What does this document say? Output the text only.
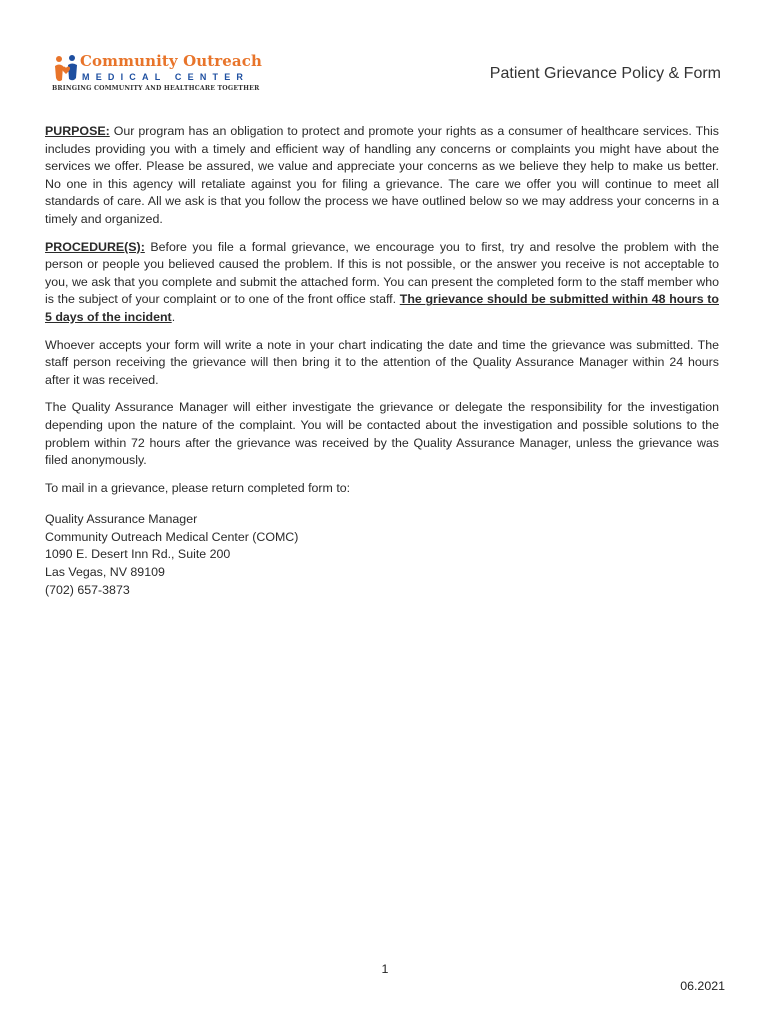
Community Outreach
MEDICAL CENTER
BRINGING COMMUNITY AND HEALTHCARE TOGETHER
Patient Grievance Policy & Form

PURPOSE: Our program has an obligation to protect and promote your rights as a consumer of healthcare services. This includes providing you with a timely and efficient way of handling any concerns or complaints you might have about the services we offer. Please be assured, we value and appreciate your concerns as we believe they help to make us better. No one in this agency will retaliate against you for filing a grievance. The care we offer you will continue to meet all standards of care. All we ask is that you follow the process we have outlined below so we may address your concerns in a timely and organized.

PROCEDURE(S): Before you file a formal grievance, we encourage you to first, try and resolve the problem with the person or people you believed caused the problem. If this is not possible, or the answer you receive is not acceptable to you, we ask that you complete and submit the attached form. You can present the completed form to the staff member who is the subject of your complaint or to one of the front office staff. The grievance should be submitted within 48 hours to 5 days of the incident.

Whoever accepts your form will write a note in your chart indicating the date and time the grievance was submitted. The staff person receiving the grievance will then bring it to the attention of the Quality Assurance Manager within 24 hours after it was received.

The Quality Assurance Manager will either investigate the grievance or delegate the responsibility for the investigation depending upon the nature of the complaint. You will be contacted about the investigation and possible solutions to the problem within 72 hours after the grievance was received by the Quality Assurance Manager, unless the grievance was filed anonymously.

To mail in a grievance, please return completed form to:

Quality Assurance Manager
Community Outreach Medical Center (COMC)
1090 E. Desert Inn Rd., Suite 200
Las Vegas, NV 89109
(702) 657-3873
1
06.2021
